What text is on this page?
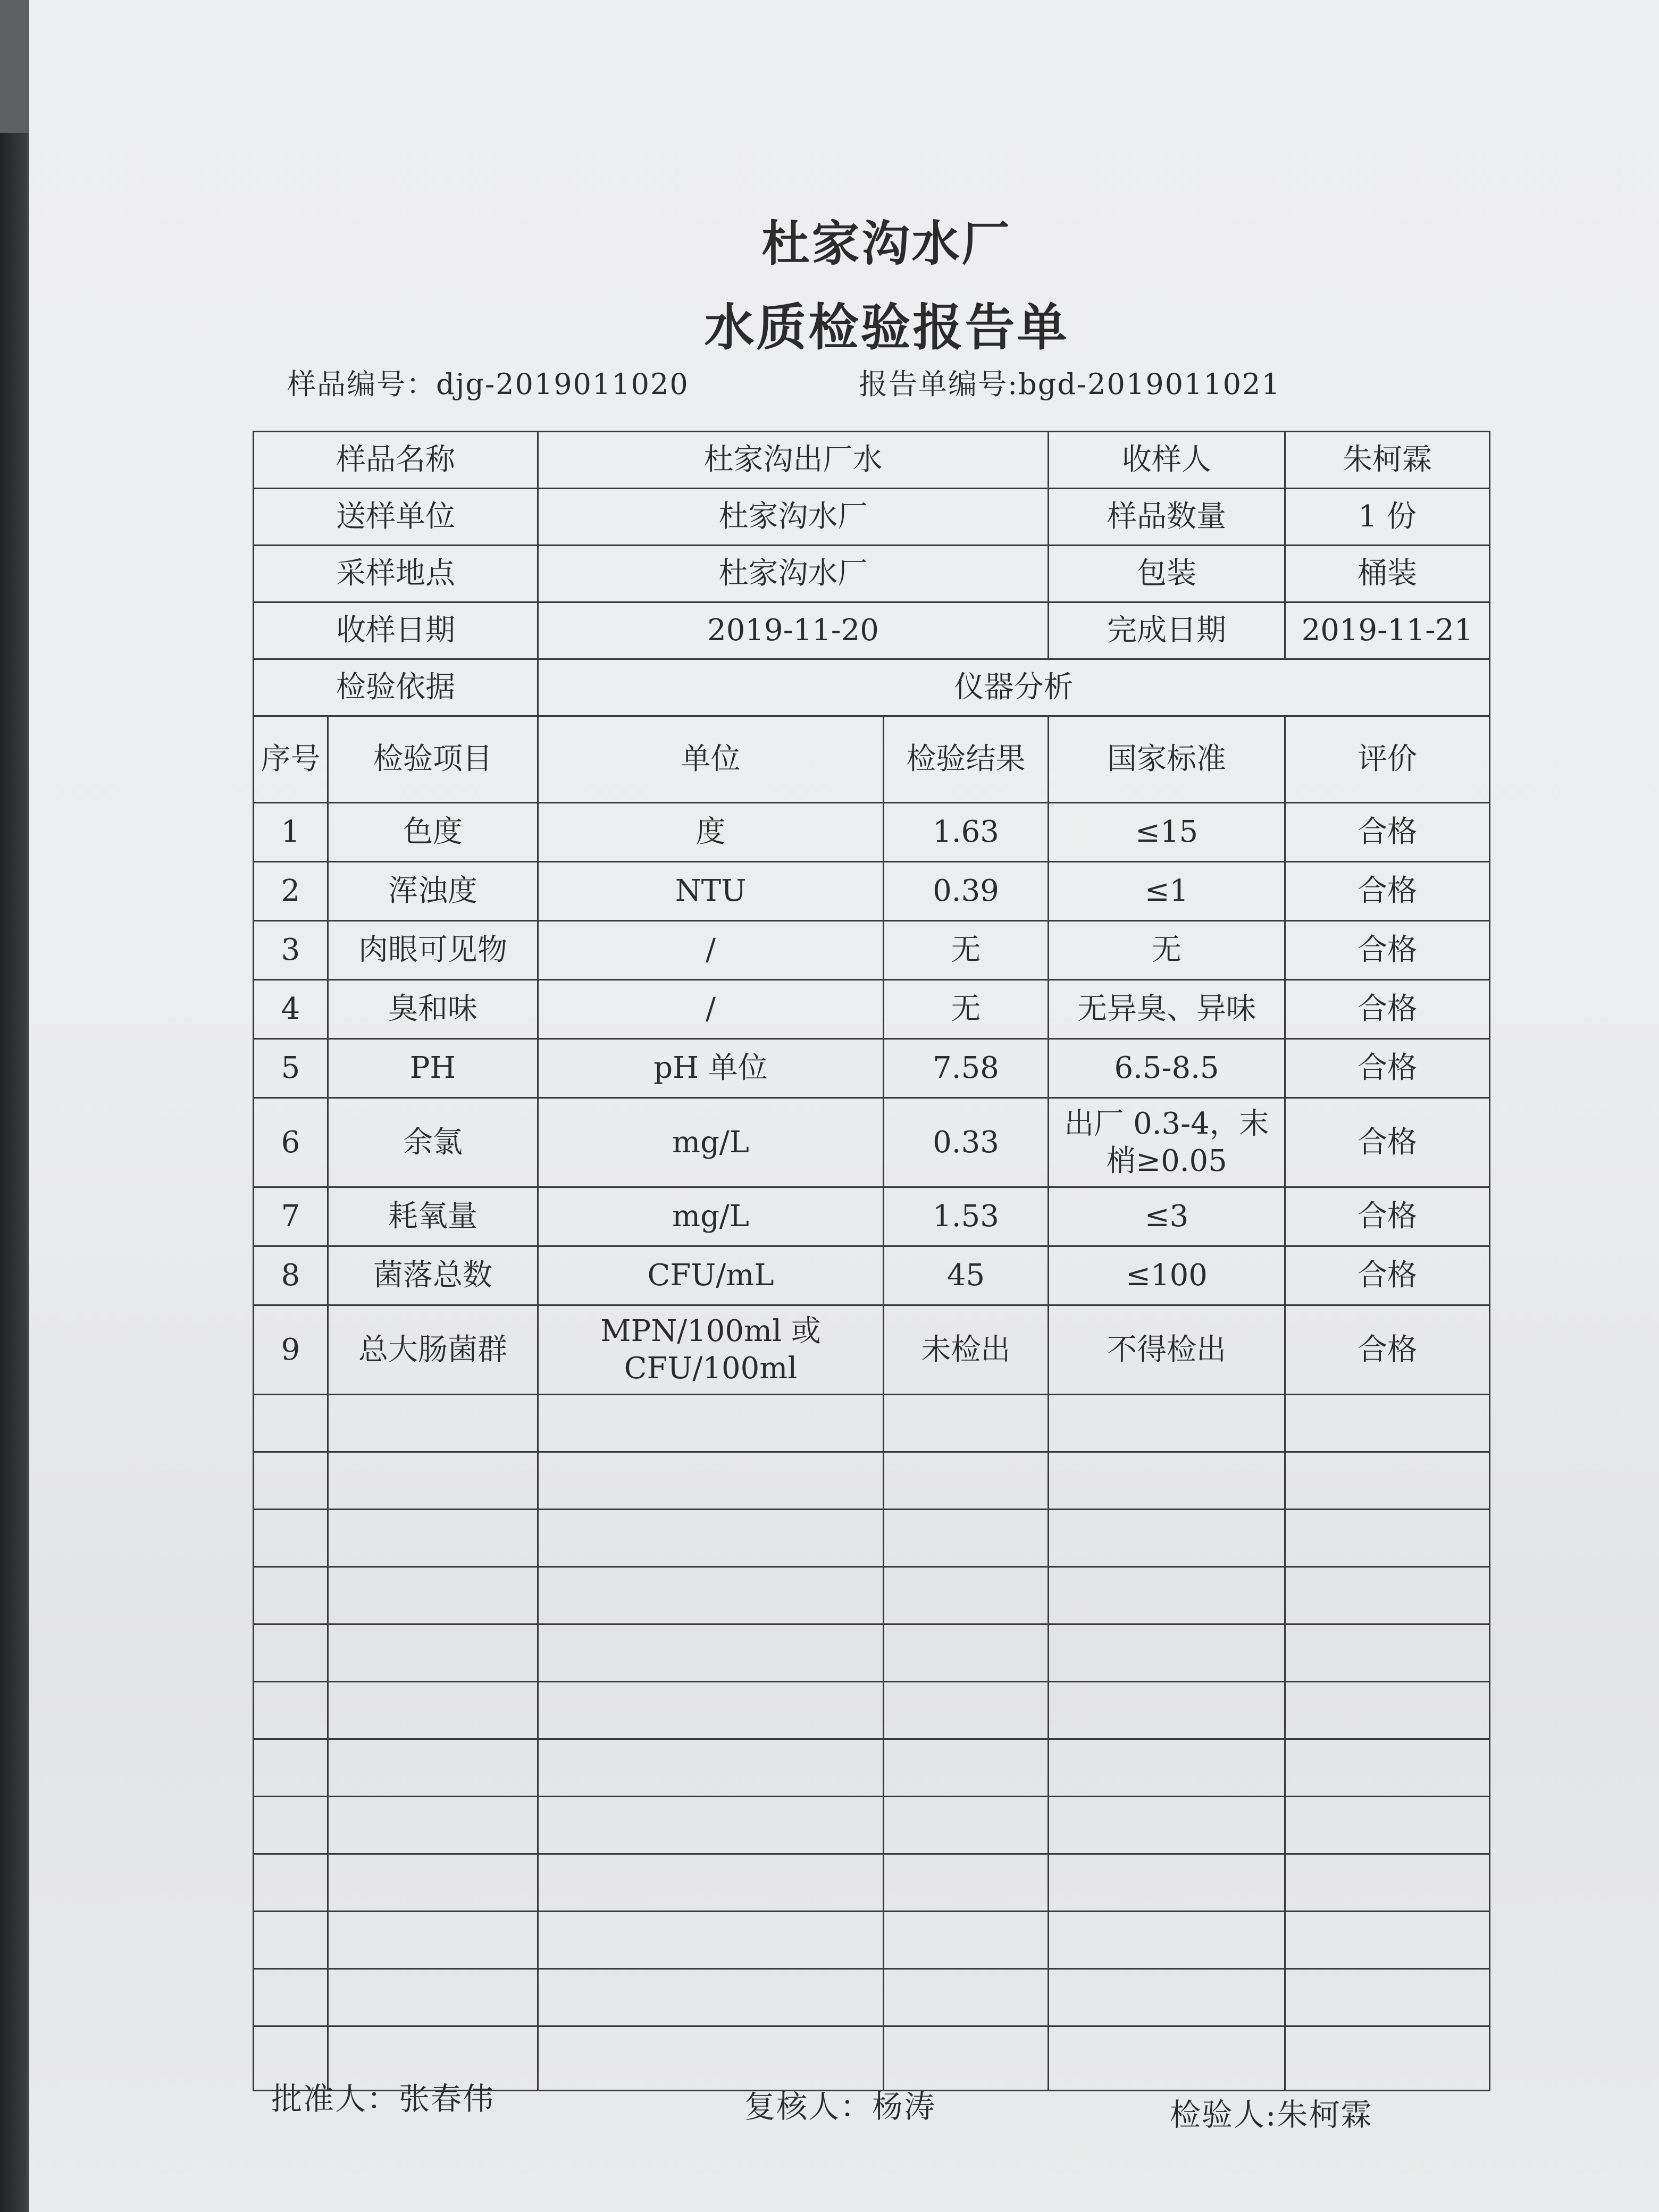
杜家沟水厂
水质检验报告单
样品编号：djg-2019011020	报告单编号:bgd-2019011021
样品名称		杜家沟出厂水		收样人	朱柯霖
送样单位		杜家沟水厂		样品数量	1 份
采样地点		杜家沟水厂		包装	桶装
收样日期		2019-11-20		完成日期	2019-11-21
检验依据		仪器分析			
序号	检验项目	单位	检验结果	国家标准	评价
1	色度	度	1.63	≤15	合格
2	浑浊度	NTU	0.39	≤1	合格
3	肉眼可见物	/	无	无	合格
4	臭和味	/	无	无异臭、异味	合格
5	PH	pH 单位	7.58	6.5-8.5	合格
6	余氯	mg/L	0.33	出厂 0.3-4，末梢≥0.05	合格
7	耗氧量	mg/L	1.53	≤3	合格
8	菌落总数	CFU/mL	45	≤100	合格
9	总大肠菌群	MPN/100ml 或 CFU/100ml	未检出	不得检出	合格

批准人：张春伟	复核人：杨涛	检验人:朱柯霖
